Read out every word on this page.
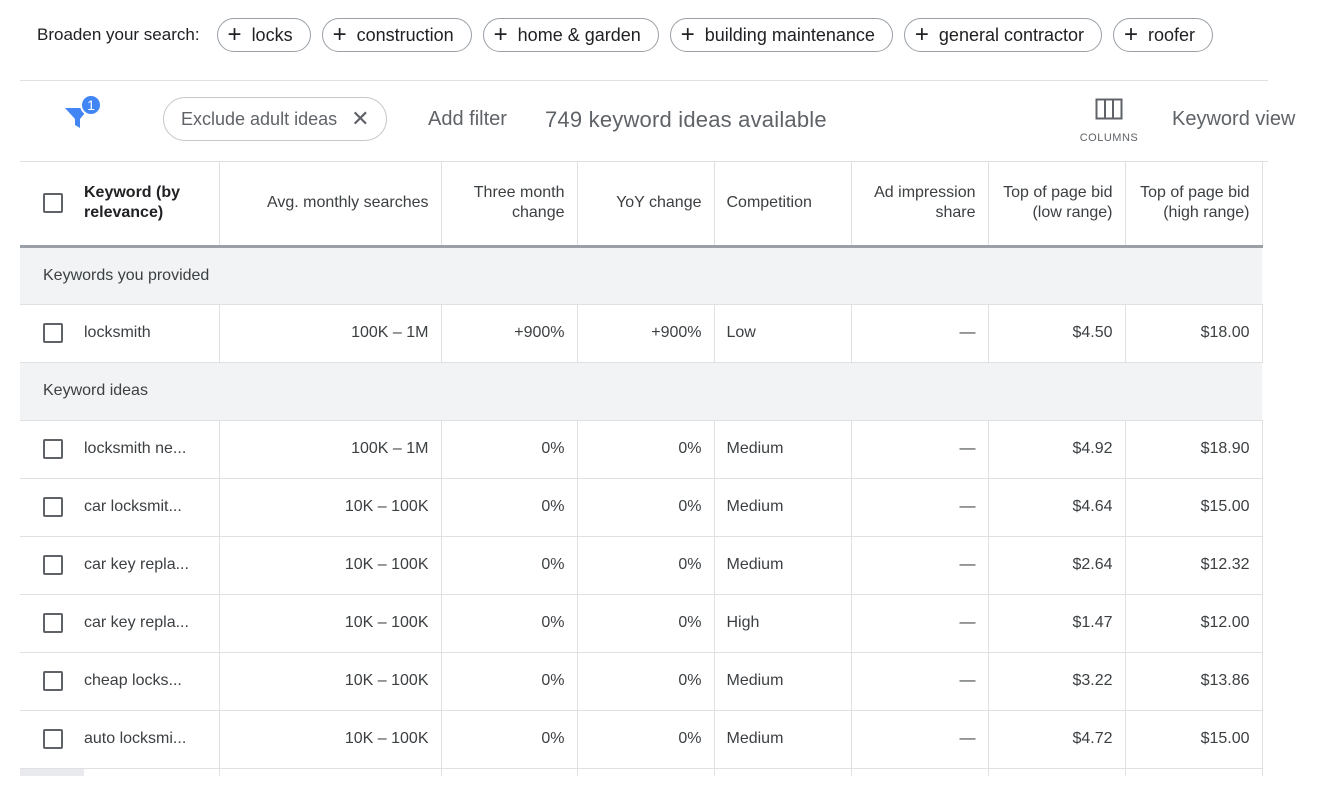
Broaden your search: + locks + construction + home & garden + building maintenance + general contractor + roofer
1
Exclude adult ideas ✕	Add filter 749 keyword ideas available
COLUMNS
Keyword view
	Keyword (by relevance)	Avg. monthly searches	Three month change	YoY change	Competition	Ad impression share	Top of page bid (low range)	Top of page bid (high range)
Keywords you provided								

	locksmith	100K – 1M	+900%	+900%	Low	—	$4.50	$18.00
Keyword ideas								

	locksmith ne...	100K – 1M	0%	0%	Medium	—	$4.92	$18.90

	car locksmit...	10K – 100K	0%	0%	Medium	—	$4.64	$15.00

	car key repla...	10K – 100K	0%	0%	Medium	—	$2.64	$12.32

	car key repla...	10K – 100K	0%	0%	High	—	$1.47	$12.00

	cheap locks...	10K – 100K	0%	0%	Medium	—	$3.22	$13.86

	auto locksmi...	10K – 100K	0%	0%	Medium	—	$4.72	$15.00
